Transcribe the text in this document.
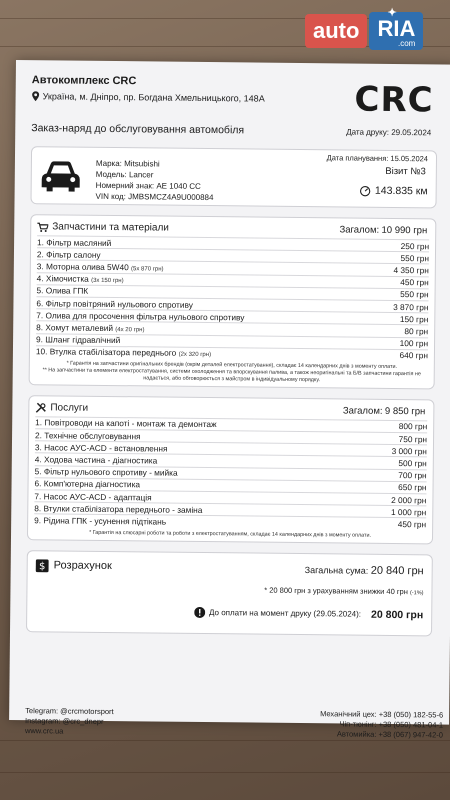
Автокомплекс CRC
Україна, м. Дніпро, пр. Богдана Хмельницького, 148А	CRC
Заказ-наряд до обслуговування автомобіля	Дата друку: 29.05.2024
Марка: Mitsubishi
Модель: Lancer
Номерний знак: AE 1040 CC
VIN код: JMBSMCZ4A9U000884
Дата планування: 15.05.2024
Візит №3
143.835 км
Запчастини та матеріали	Загалом: 10 990 грн
1. Фільтр масляний	250 грн
2. Фільтр салону	550 грн
3. Моторна олива 5W40 (5x 870 грн)	4 350 грн
4. Хімочистка (3x 150 грн)	450 грн
5. Олива ГПК	550 грн
6. Фільтр повітряний нульового спротиву	3 870 грн
7. Олива для просочення фільтра нульового спротиву	150 грн
8. Хомут металевий (4x 20 грн)	80 грн
9. Шланг гідравлічний	100 грн
10. Втулка стабілізатора переднього (2x 320 грн)	640 грн
* Гарантія на запчастини оригінальних брендів (окрім деталей електростатування), складає 14 календарних днів з моменту оплати.
** На запчастини та елементи електростатування, системи охолодження та впорскування палива, а також неоригінальні та Б/В запчастини гарантія не надається, або обговорюється з майстром в індивідуальному порядку.
Послуги	Загалом: 9 850 грн
1. Повітроводи на капоті - монтаж та демонтаж	800 грн
2. Технічне обслуговування	750 грн
3. Насос АУС-ACD - встановлення	3 000 грн
4. Ходова частина - діагностика	500 грн
5. Фільтр нульового спротиву - мийка	700 грн
6. Комп'ютерна діагностика	650 грн
7. Насос АУС-ACD - адаптація	2 000 грн
8. Втулки стабілізатора переднього - заміна	1 000 грн
9. Рідина ГПК - усунення підтікань	450 грн
* Гарантія на слюсарні роботи та роботи з електростатуванням, складає 14 календарних днів з моменту оплати.
$ Розрахунок	Загальна сума: 20 840 грн
* 20 800 грн з урахуванням знижки 40 грн (-1%)
До оплати на момент друку (29.05.2024): 20 800 грн
Telegram: @crcmotorsport
Instagram: @crc_dnepr
www.crc.ua
Механічний цех: +38 (050) 182-55-6
Чіп-тюнінг: +38 (050) 481-04-1
Автомийка: +38 (067) 947-42-0
auto
✦
RIA
.com
